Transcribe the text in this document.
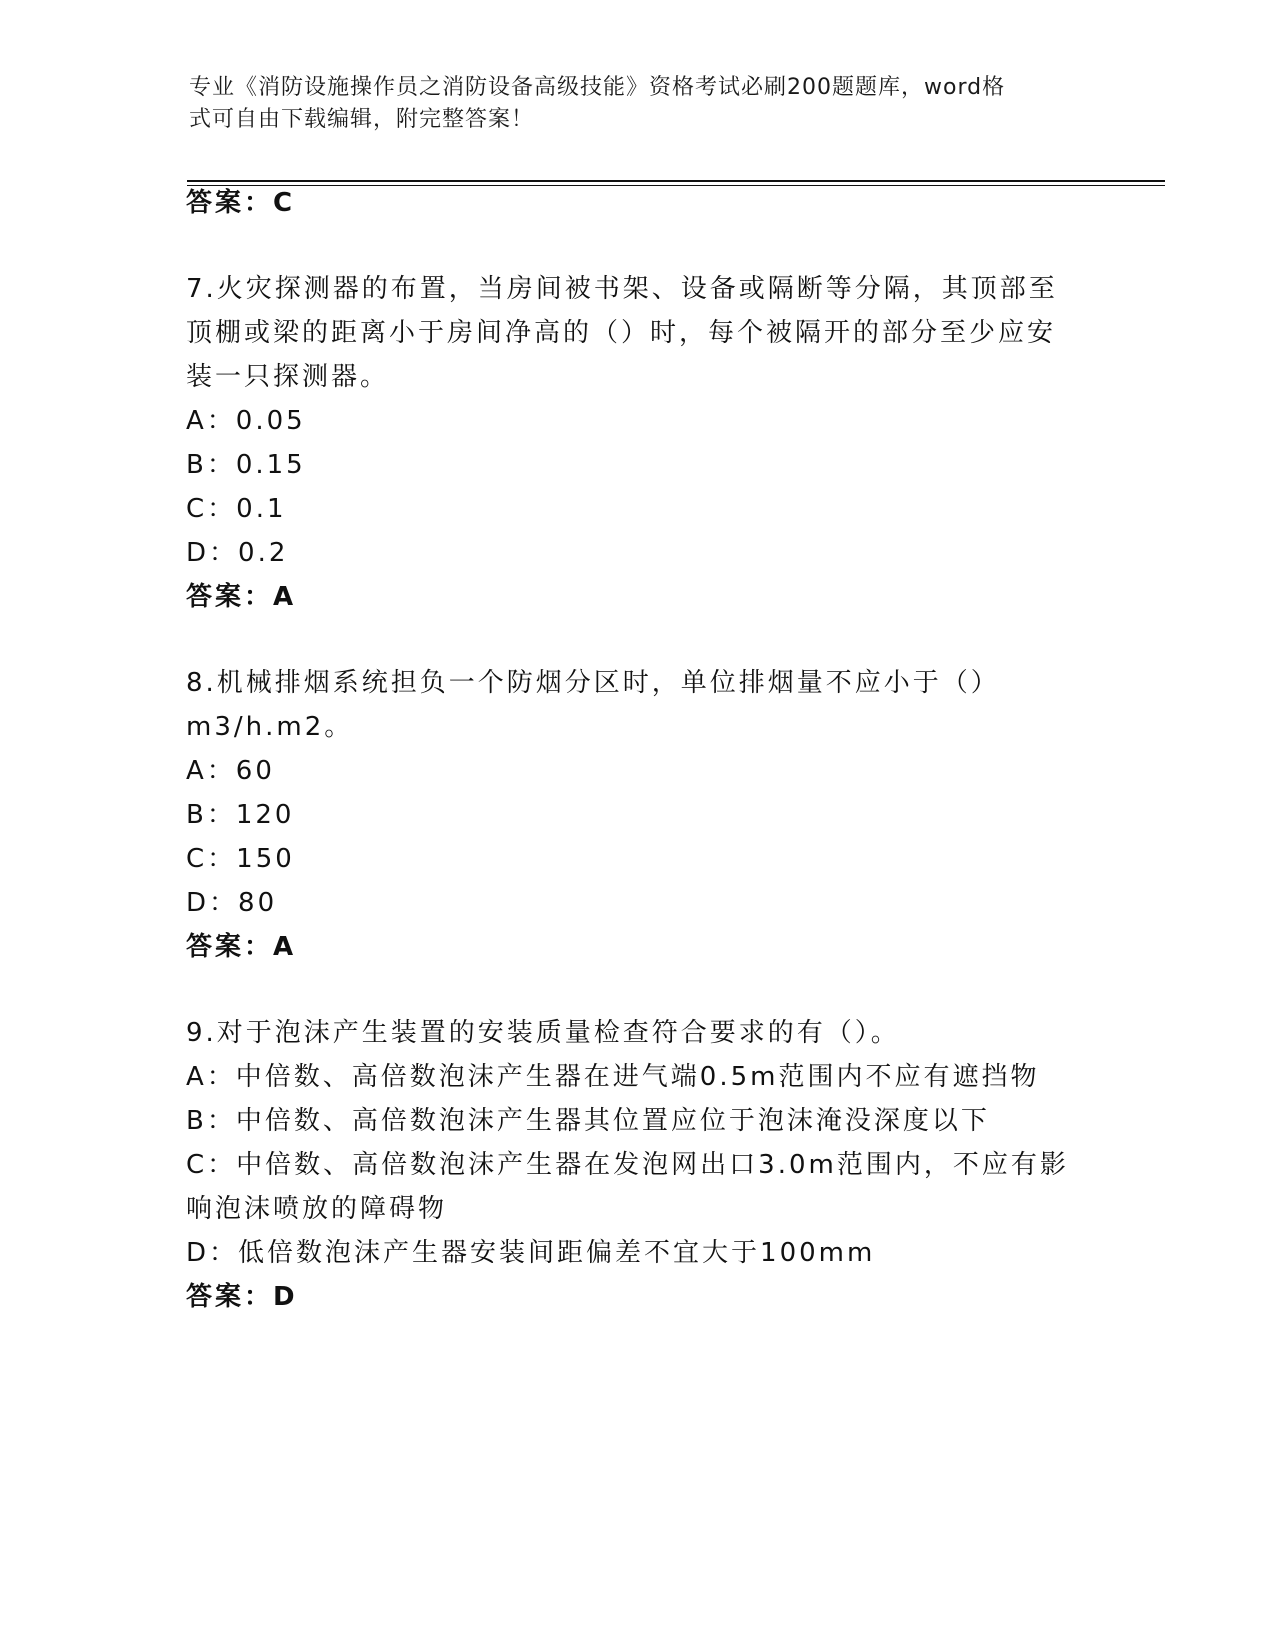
专业《消防设施操作员之消防设备高级技能》资格考试必刷200题题库，word格
式可自由下载编辑，附完整答案！
答案：C
7.火灾探测器的布置，当房间被书架、设备或隔断等分隔，其顶部至
顶棚或梁的距离小于房间净高的（）时，每个被隔开的部分至少应安
装一只探测器。
A：0.05
B：0.15
C：0.1
D：0.2
答案：A
8.机械排烟系统担负一个防烟分区时，单位排烟量不应小于（）
m3/h.m2。
A：60
B：120
C：150
D：80
答案：A
9.对于泡沫产生装置的安装质量检查符合要求的有（）。
A：中倍数、高倍数泡沫产生器在进气端0.5m范围内不应有遮挡物
B：中倍数、高倍数泡沫产生器其位置应位于泡沫淹没深度以下
C：中倍数、高倍数泡沫产生器在发泡网出口3.0m范围内，不应有影
响泡沫喷放的障碍物
D：低倍数泡沫产生器安装间距偏差不宜大于100mm
答案：D
